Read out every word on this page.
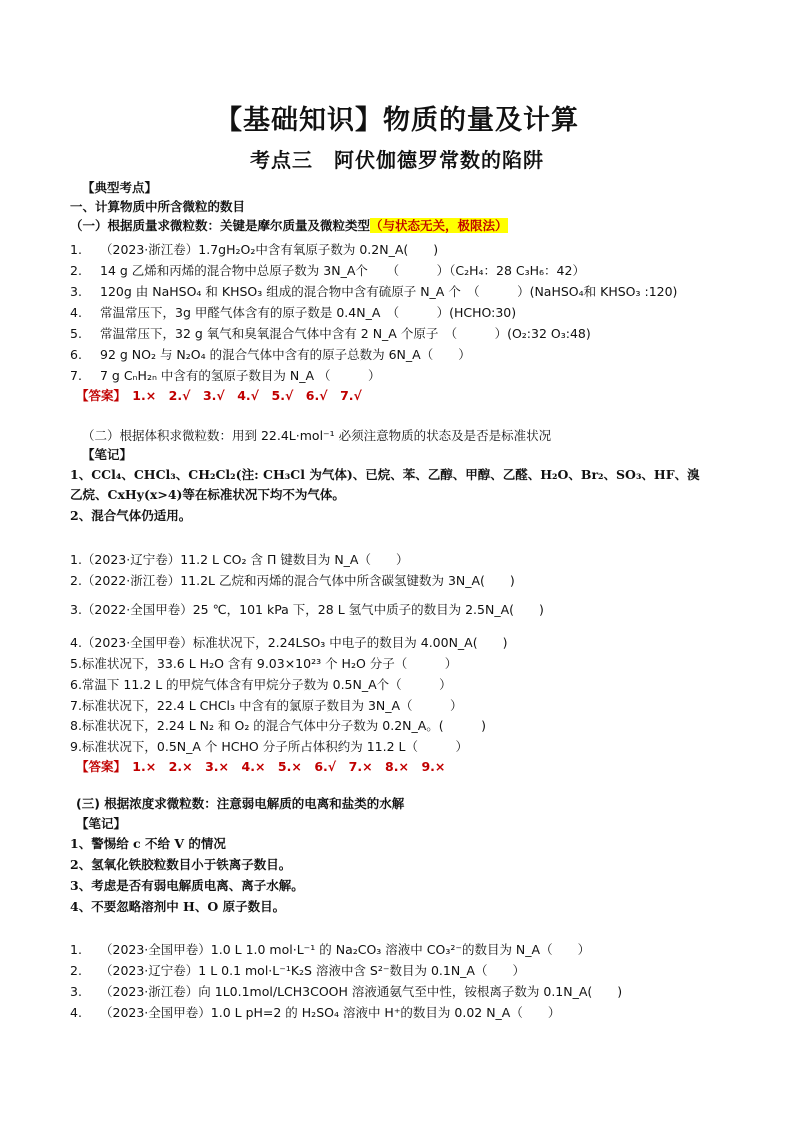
【基础知识】物质的量及计算
考点三　阿伏伽德罗常数的陷阱
【典型考点】
一、计算物质中所含微粒的数目
（一）根据质量求微粒数：关键是摩尔质量及微粒类型（与状态无关，极限法）
1. （2023·浙江卷）1.7gH₂O₂中含有氧原子数为 0.2N_A(　　)
2. 14 g 乙烯和丙烯的混合物中总原子数为 3N_A个　　（　　　）（C₂H₄：28 C₃H₆：42）
3. 120g 由 NaHSO₄ 和 KHSO₃ 组成的混合物中含有硫原子 N_A 个　（　　　）(NaHSO₄和 KHSO₃ :120)
4. 常温常压下，3g 甲醛气体含有的原子数是 0.4N_A　（　　　）(HCHO:30)
5. 常温常压下，32 g 氧气和臭氧混合气体中含有 2 N_A 个原子　（　　　）(O₂:32 O₃:48)
6. 92 g NO₂ 与 N₂O₄ 的混合气体中含有的原子总数为 6N_A（　　）
7. 7 g CₙH₂ₙ 中含有的氢原子数目为 N_A （　　　）
【答案】　1.×　2.√　3.√　4.√　5.√　6.√　7.√
（二）根据体积求微粒数：用到 22.4L·mol⁻¹ 必须注意物质的状态及是否是标准状况
【笔记】
1、CCl₄、CHCl₃、CH₂Cl₂(注: CH₃Cl 为气体)、已烷、苯、乙醇、甲醇、乙醛、H₂O、Br₂、SO₃、HF、溴
乙烷、CxHy(x>4)等在标准状况下均不为气体。
2、混合气体仍适用。
1.（2023·辽宁卷）11.2 L CO₂ 含 Π 键数目为 N_A（　　）
2.（2022·浙江卷）11.2L 乙烷和丙烯的混合气体中所含碳氢键数为 3N_A(　　)
3.（2022·全国甲卷）25 ℃，101 kPa 下，28 L 氢气中质子的数目为 2.5N_A(　　)
4.（2023·全国甲卷）标准状况下，2.24LSO₃ 中电子的数目为 4.00N_A(　　)
5.标准状况下，33.6 L H₂O 含有 9.03×10²³ 个 H₂O 分子（　　　）
6.常温下 11.2 L 的甲烷气体含有甲烷分子数为 0.5N_A个（　　　）
7.标准状况下，22.4 L CHCl₃ 中含有的氯原子数目为 3N_A（　　　）
8.标准状况下，2.24 L N₂ 和 O₂ 的混合气体中分子数为 0.2N_A。(　　　)
9.标准状况下，0.5N_A 个 HCHO 分子所占体积约为 11.2 L（　　　）
【答案】　1.×　2.×　3.×　4.×　5.×　6.√　7.×　8.×　9.×
(三) 根据浓度求微粒数：注意弱电解质的电离和盐类的水解
【笔记】
1、警惕给 c 不给 V 的情况
2、氢氧化铁胶粒数目小于铁离子数目。
3、考虑是否有弱电解质电离、离子水解。
4、不要忽略溶剂中 H、O 原子数目。
1. （2023·全国甲卷）1.0 L 1.0 mol·L⁻¹ 的 Na₂CO₃ 溶液中 CO₃²⁻的数目为 N_A（　　）
2. （2023·辽宁卷）1 L 0.1 mol·L⁻¹K₂S 溶液中含 S²⁻数目为 0.1N_A（　　）
3. （2023·浙江卷）向 1L0.1mol/LCH3COOH 溶液通氨气至中性，铵根离子数为 0.1N_A(　　)
4. （2023·全国甲卷）1.0 L pH=2 的 H₂SO₄ 溶液中 H⁺的数目为 0.02 N_A（　　）
